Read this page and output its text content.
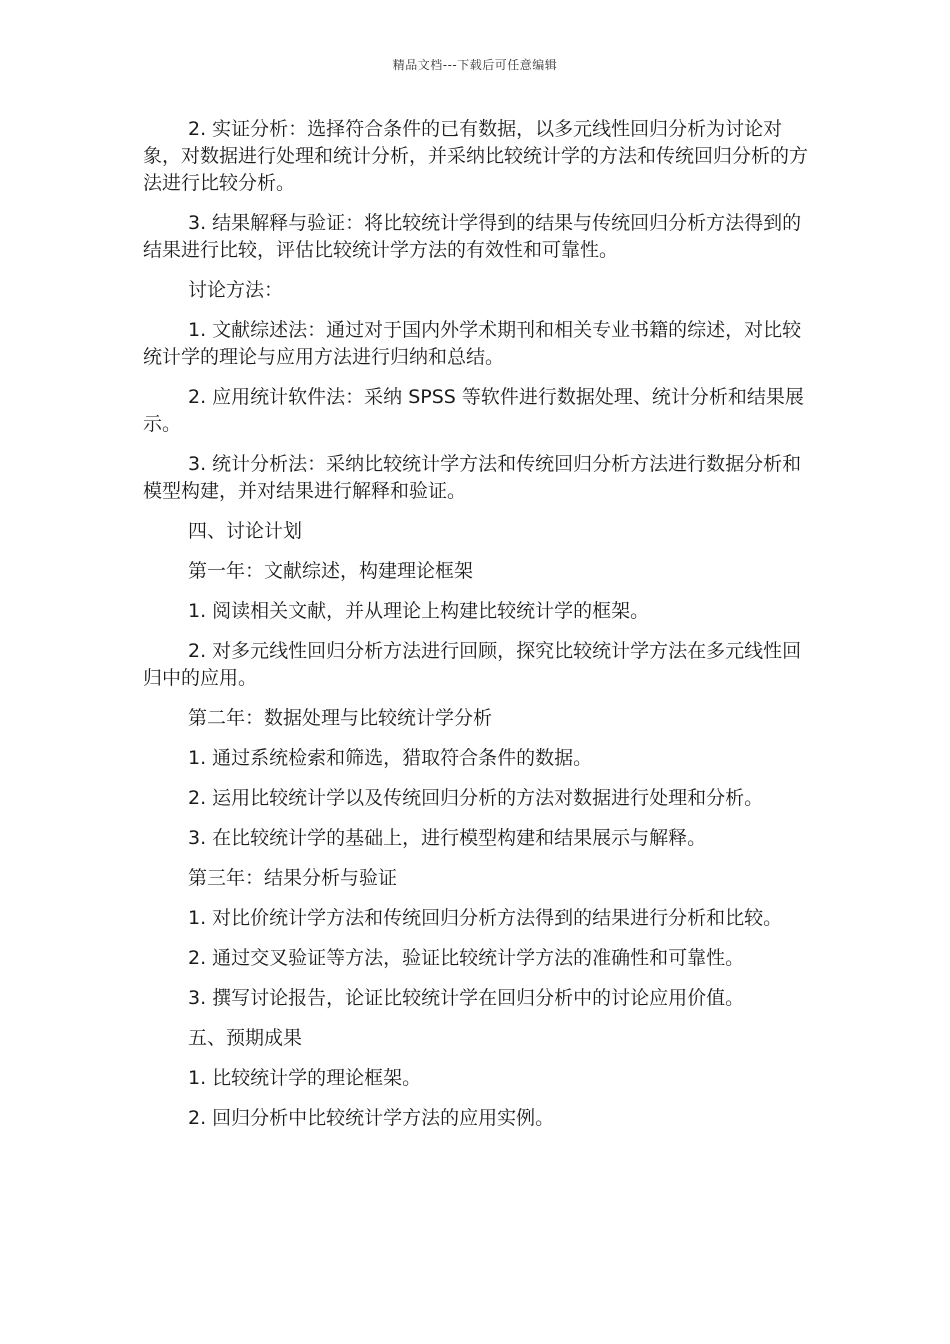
精品文档---下载后可任意编辑

2. 实证分析：选择符合条件的已有数据，以多元线性回归分析为讨论对象，对数据进行处理和统计分析，并采纳比较统计学的方法和传统回归分析的方法进行比较分析。

3. 结果解释与验证：将比较统计学得到的结果与传统回归分析方法得到的结果进行比较，评估比较统计学方法的有效性和可靠性。

讨论方法：

1. 文献综述法：通过对于国内外学术期刊和相关专业书籍的综述，对比较统计学的理论与应用方法进行归纳和总结。

2. 应用统计软件法：采纳 SPSS 等软件进行数据处理、统计分析和结果展示。

3. 统计分析法：采纳比较统计学方法和传统回归分析方法进行数据分析和模型构建，并对结果进行解释和验证。

四、讨论计划

第一年：文献综述，构建理论框架

1. 阅读相关文献，并从理论上构建比较统计学的框架。

2. 对多元线性回归分析方法进行回顾，探究比较统计学方法在多元线性回归中的应用。

第二年：数据处理与比较统计学分析

1. 通过系统检索和筛选，猎取符合条件的数据。

2. 运用比较统计学以及传统回归分析的方法对数据进行处理和分析。

3. 在比较统计学的基础上，进行模型构建和结果展示与解释。

第三年：结果分析与验证

1. 对比价统计学方法和传统回归分析方法得到的结果进行分析和比较。

2. 通过交叉验证等方法，验证比较统计学方法的准确性和可靠性。

3. 撰写讨论报告，论证比较统计学在回归分析中的讨论应用价值。

五、预期成果

1. 比较统计学的理论框架。

2. 回归分析中比较统计学方法的应用实例。
